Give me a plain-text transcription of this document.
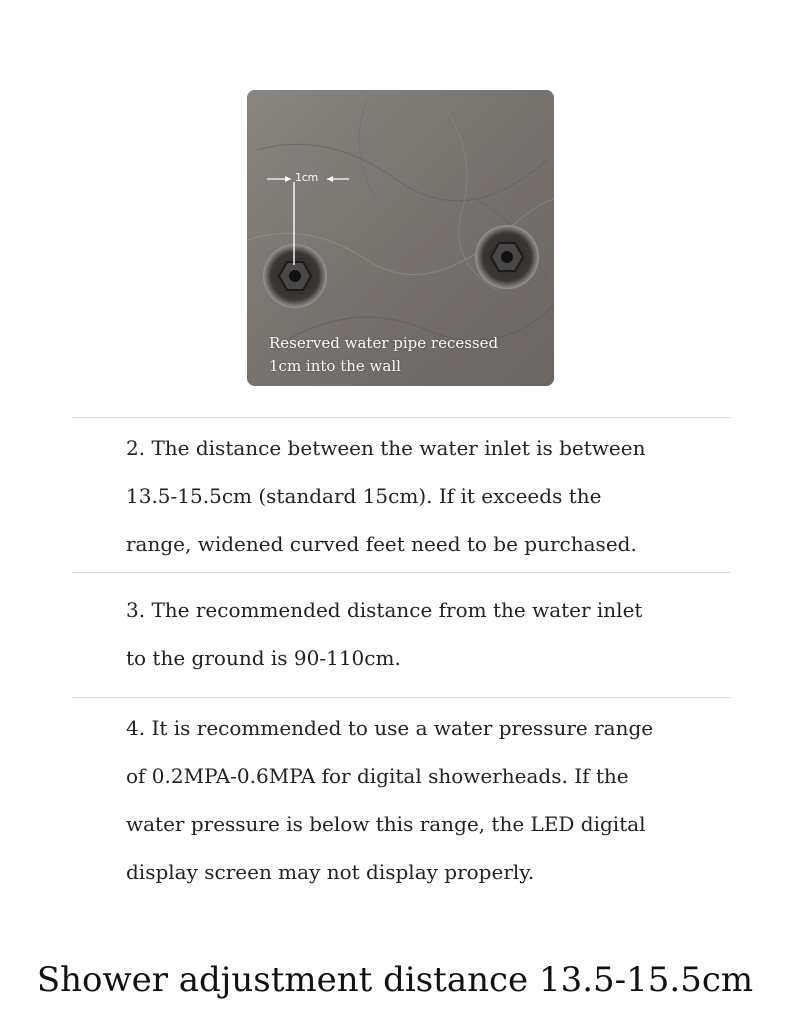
1cm
Reserved water pipe recessed
1cm into the wall
2. The distance between the water inlet is between
13.5-15.5cm (standard 15cm). If it exceeds the
range, widened curved feet need to be purchased.
3. The recommended distance from the water inlet
to the ground is 90-110cm.
4. It is recommended to use a water pressure range
of 0.2MPA-0.6MPA for digital showerheads. If the
water pressure is below this range, the LED digital
display screen may not display properly.
Shower adjustment distance 13.5-15.5cm
